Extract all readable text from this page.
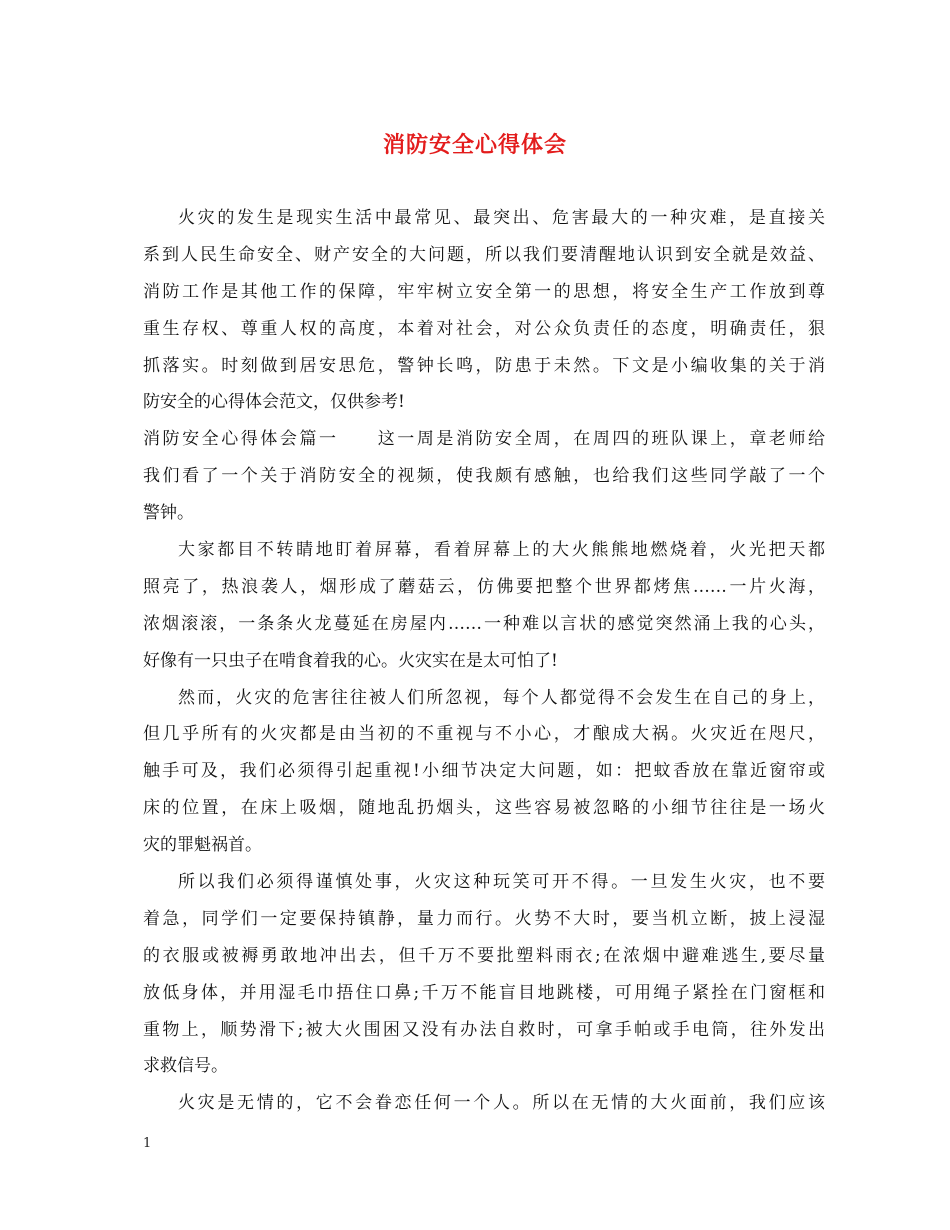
消防安全心得体会
火灾的发生是现实生活中最常见、最突出、危害最大的一种灾难，是直接关
系到人民生命安全、财产安全的大问题，所以我们要清醒地认识到安全就是效益、
消防工作是其他工作的保障，牢牢树立安全第一的思想，将安全生产工作放到尊
重生存权、尊重人权的高度，本着对社会，对公众负责任的态度，明确责任，狠
抓落实。时刻做到居安思危，警钟长鸣，防患于未然。下文是小编收集的关于消
防安全的心得体会范文，仅供参考!
消防安全心得体会篇一　　这一周是消防安全周，在周四的班队课上，章老师给
我们看了一个关于消防安全的视频，使我颇有感触，也给我们这些同学敲了一个
警钟。
大家都目不转睛地盯着屏幕，看着屏幕上的大火熊熊地燃烧着，火光把天都
照亮了，热浪袭人，烟形成了蘑菇云，仿佛要把整个世界都烤焦……一片火海，
浓烟滚滚，一条条火龙蔓延在房屋内……一种难以言状的感觉突然涌上我的心头，
好像有一只虫子在啃食着我的心。火灾实在是太可怕了!
然而，火灾的危害往往被人们所忽视，每个人都觉得不会发生在自己的身上，
但几乎所有的火灾都是由当初的不重视与不小心，才酿成大祸。火灾近在咫尺，
触手可及，我们必须得引起重视!小细节决定大问题，如：把蚊香放在靠近窗帘或
床的位置，在床上吸烟，随地乱扔烟头，这些容易被忽略的小细节往往是一场火
灾的罪魁祸首。
所以我们必须得谨慎处事，火灾这种玩笑可开不得。一旦发生火灾，也不要
着急，同学们一定要保持镇静，量力而行。火势不大时，要当机立断，披上浸湿
的衣服或被褥勇敢地冲出去，但千万不要批塑料雨衣;在浓烟中避难逃生,要尽量
放低身体，并用湿毛巾捂住口鼻;千万不能盲目地跳楼，可用绳子紧拴在门窗框和
重物上，顺势滑下;被大火围困又没有办法自救时，可拿手帕或手电筒，往外发出
求救信号。
火灾是无情的，它不会眷恋任何一个人。所以在无情的大火面前，我们应该

1
